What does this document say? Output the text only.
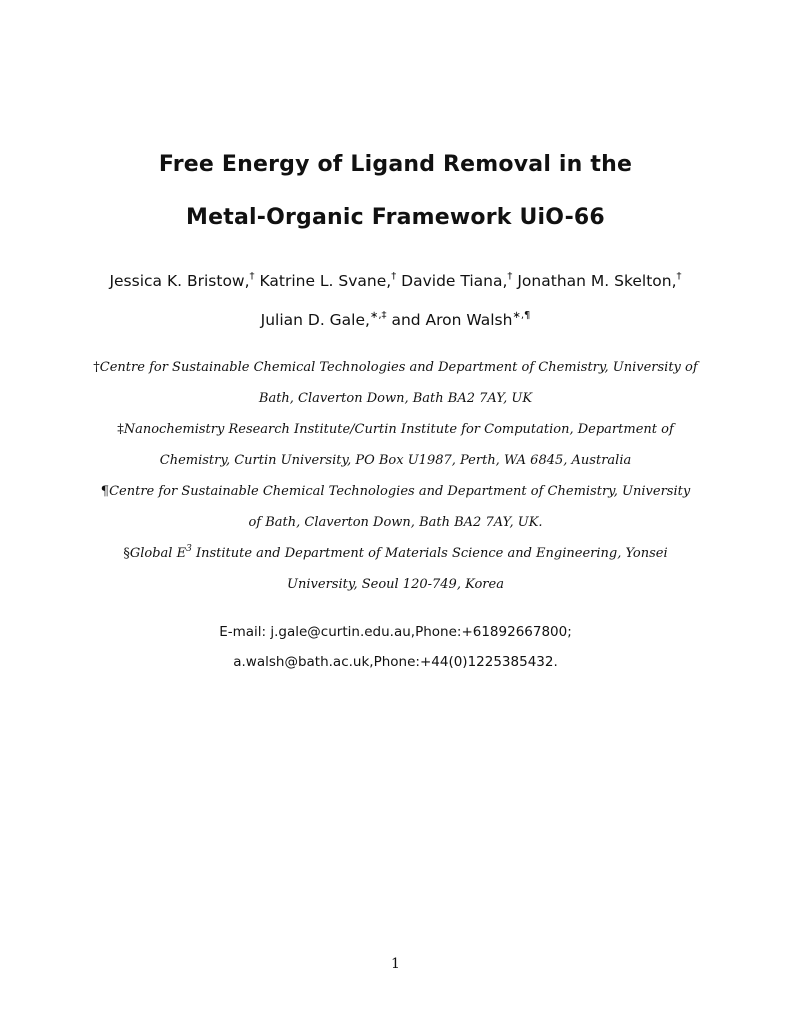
Free Energy of Ligand Removal in the
Metal-Organic Framework UiO-66

Jessica K. Bristow,† Katrine L. Svane,† Davide Tiana,† Jonathan M. Skelton,†

Julian D. Gale,∗,‡ and Aron Walsh∗,¶

†Centre for Sustainable Chemical Technologies and Department of Chemistry, University of

Bath, Claverton Down, Bath BA2 7AY, UK

‡Nanochemistry Research Institute/Curtin Institute for Computation, Department of

Chemistry, Curtin University, PO Box U1987, Perth, WA 6845, Australia

¶Centre for Sustainable Chemical Technologies and Department of Chemistry, University

of Bath, Claverton Down, Bath BA2 7AY, UK.

§Global $E^3$ Institute and Department of Materials Science and Engineering, Yonsei

University, Seoul 120-749, Korea

E-mail: j.gale@curtin.edu.au,Phone:+61892667800;

a.walsh@bath.ac.uk,Phone:+44(0)1225385432.

1
